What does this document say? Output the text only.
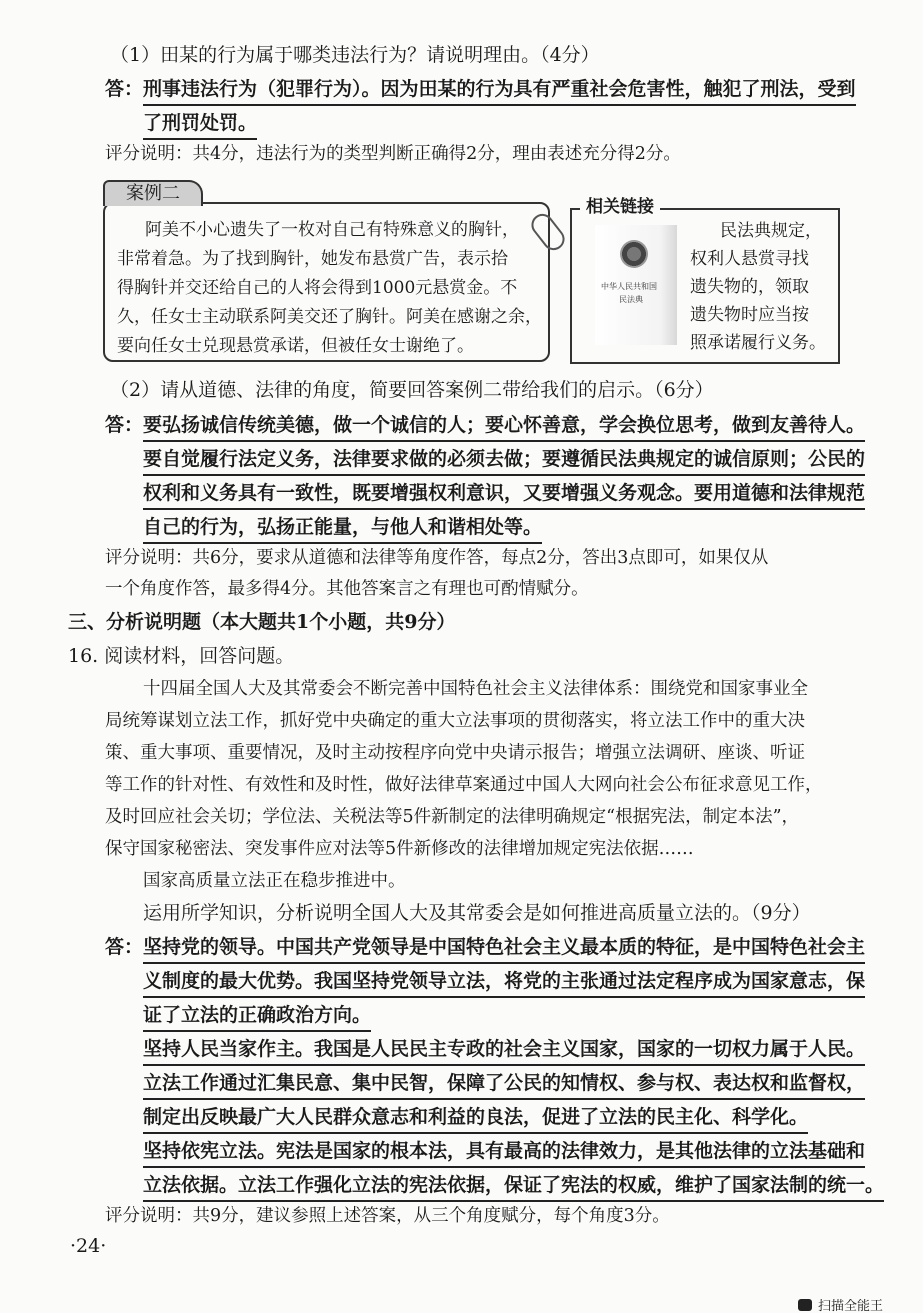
（1）田某的行为属于哪类违法行为？请说明理由。（4分）
答：刑事违法行为（犯罪行为）。因为田某的行为具有严重社会危害性，触犯了刑法，受到
了刑罚处罚。
评分说明：共4分，违法行为的类型判断正确得2分，理由表述充分得2分。
案例二
阿美不小心遗失了一枚对自己有特殊意义的胸针，
非常着急。为了找到胸针，她发布悬赏广告，表示拾
得胸针并交还给自己的人将会得到1000元悬赏金。不
久，任女士主动联系阿美交还了胸针。阿美在感谢之余，
要向任女士兑现悬赏承诺，但被任女士谢绝了。
相关链接
中华人民共和国
民法典
民法典规定，
权利人悬赏寻找
遗失物的，领取
遗失物时应当按
照承诺履行义务。
（2）请从道德、法律的角度，简要回答案例二带给我们的启示。（6分）
答：要弘扬诚信传统美德，做一个诚信的人；要心怀善意，学会换位思考，做到友善待人。
要自觉履行法定义务，法律要求做的必须去做；要遵循民法典规定的诚信原则；公民的
权利和义务具有一致性，既要增强权利意识，又要增强义务观念。要用道德和法律规范
自己的行为，弘扬正能量，与他人和谐相处等。
评分说明：共6分，要求从道德和法律等角度作答，每点2分，答出3点即可，如果仅从
一个角度作答，最多得4分。其他答案言之有理也可酌情赋分。
三、分析说明题（本大题共1个小题，共9分）
16. 阅读材料，回答问题。
十四届全国人大及其常委会不断完善中国特色社会主义法律体系：围绕党和国家事业全
局统筹谋划立法工作，抓好党中央确定的重大立法事项的贯彻落实，将立法工作中的重大决
策、重大事项、重要情况，及时主动按程序向党中央请示报告；增强立法调研、座谈、听证
等工作的针对性、有效性和及时性，做好法律草案通过中国人大网向社会公布征求意见工作，
及时回应社会关切；学位法、关税法等5件新制定的法律明确规定“根据宪法，制定本法”，
保守国家秘密法、突发事件应对法等5件新修改的法律增加规定宪法依据……
国家高质量立法正在稳步推进中。
运用所学知识，分析说明全国人大及其常委会是如何推进高质量立法的。（9分）
答：坚持党的领导。中国共产党领导是中国特色社会主义最本质的特征，是中国特色社会主
义制度的最大优势。我国坚持党领导立法，将党的主张通过法定程序成为国家意志，保
证了立法的正确政治方向。
坚持人民当家作主。我国是人民民主专政的社会主义国家，国家的一切权力属于人民。
立法工作通过汇集民意、集中民智，保障了公民的知情权、参与权、表达权和监督权，
制定出反映最广大人民群众意志和利益的良法，促进了立法的民主化、科学化。
坚持依宪立法。宪法是国家的根本法，具有最高的法律效力，是其他法律的立法基础和
立法依据。立法工作强化立法的宪法依据，保证了宪法的权威，维护了国家法制的统一。
评分说明：共9分，建议参照上述答案，从三个角度赋分，每个角度3分。
·24·
扫描全能王
